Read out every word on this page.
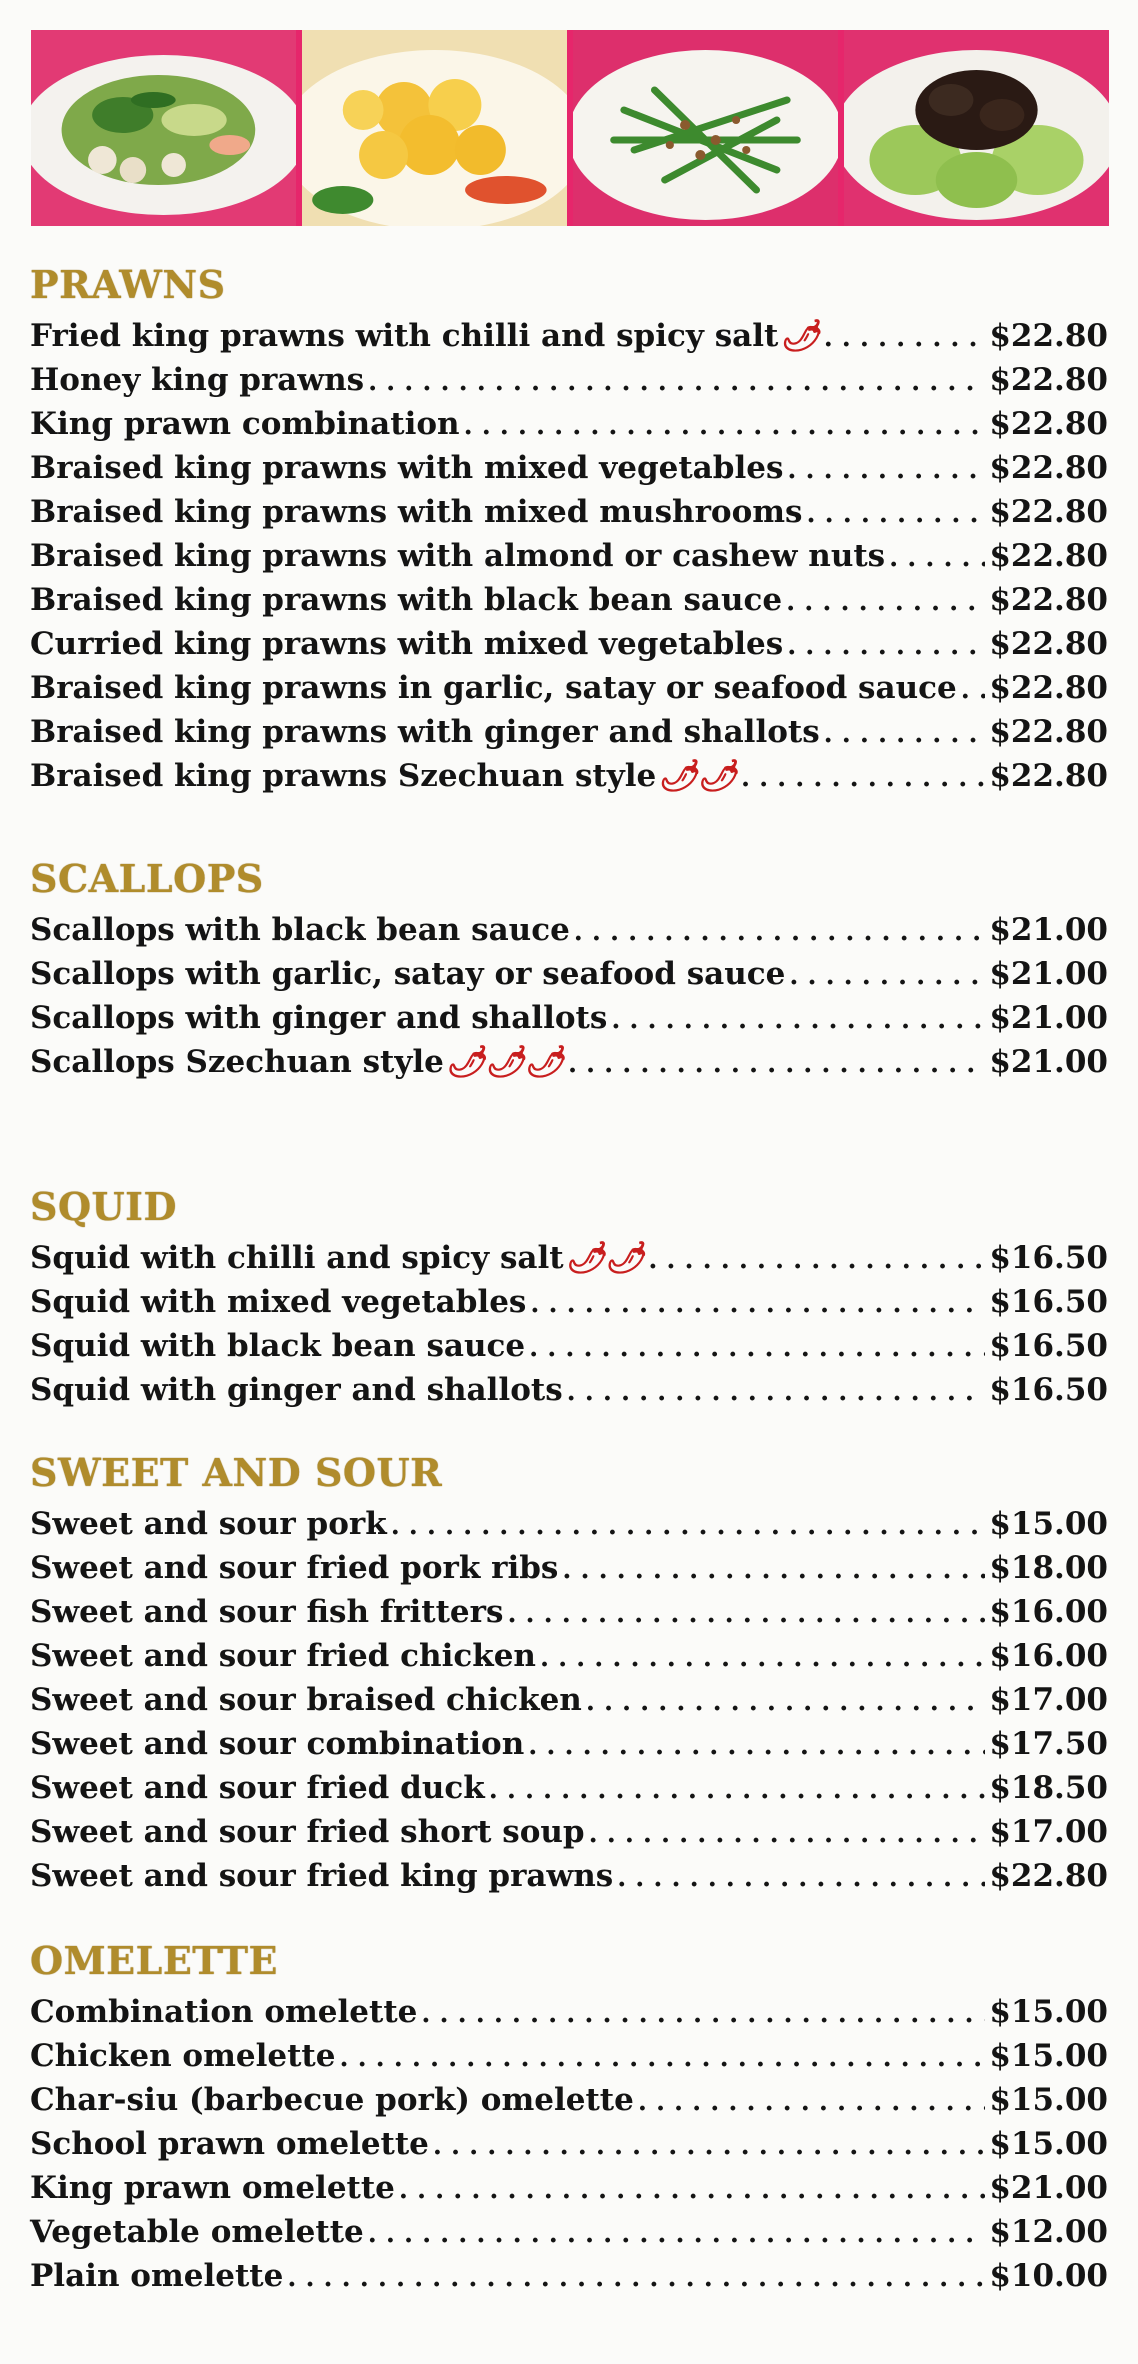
PRAWNS
Fried king prawns with chilli and spicy salt 🌶 . . .	$22.80
Honey king prawns . . .	$22.80
King prawn combination . . .	$22.80
Braised king prawns with mixed vegetables . . .	$22.80
Braised king prawns with mixed mushrooms . . .	$22.80
Braised king prawns with almond or cashew nuts . . .	$22.80
Braised king prawns with black bean sauce . . .	$22.80
Curried king prawns with mixed vegetables . . .	$22.80
Braised king prawns in garlic, satay or seafood sauce . . . $22.80
Braised king prawns with ginger and shallots . . .	$22.80
Braised king prawns Szechuan style 🌶🌶 . . .	$22.80
SCALLOPS
Scallops with black bean sauce . . .	$21.00
Scallops with garlic, satay or seafood sauce . . .	$21.00
Scallops with ginger and shallots . . .	$21.00
Scallops Szechuan style 🌶🌶🌶 . . .	$21.00
SQUID
Squid with chilli and spicy salt 🌶🌶 . . .	$16.50
Squid with mixed vegetables . . .	$16.50
Squid with black bean sauce . . .	$16.50
Squid with ginger and shallots . . .	$16.50
SWEET AND SOUR
Sweet and sour pork . . .	$15.00
Sweet and sour fried pork ribs . . .	$18.00
Sweet and sour fish fritters . . .	$16.00
Sweet and sour fried chicken . . .	$16.00
Sweet and sour braised chicken . . .	$17.00
Sweet and sour combination . . .	$17.50
Sweet and sour fried duck . . .	$18.50
Sweet and sour fried short soup . . .	$17.00
Sweet and sour fried king prawns . . .	$22.80
OMELETTE
Combination omelette . . .	$15.00
Chicken omelette . . .	$15.00
Char-siu (barbecue pork) omelette . . .	$15.00
School prawn omelette . . .	$15.00
King prawn omelette . . .	$21.00
Vegetable omelette . . .	$12.00
Plain omelette . . .	$10.00
